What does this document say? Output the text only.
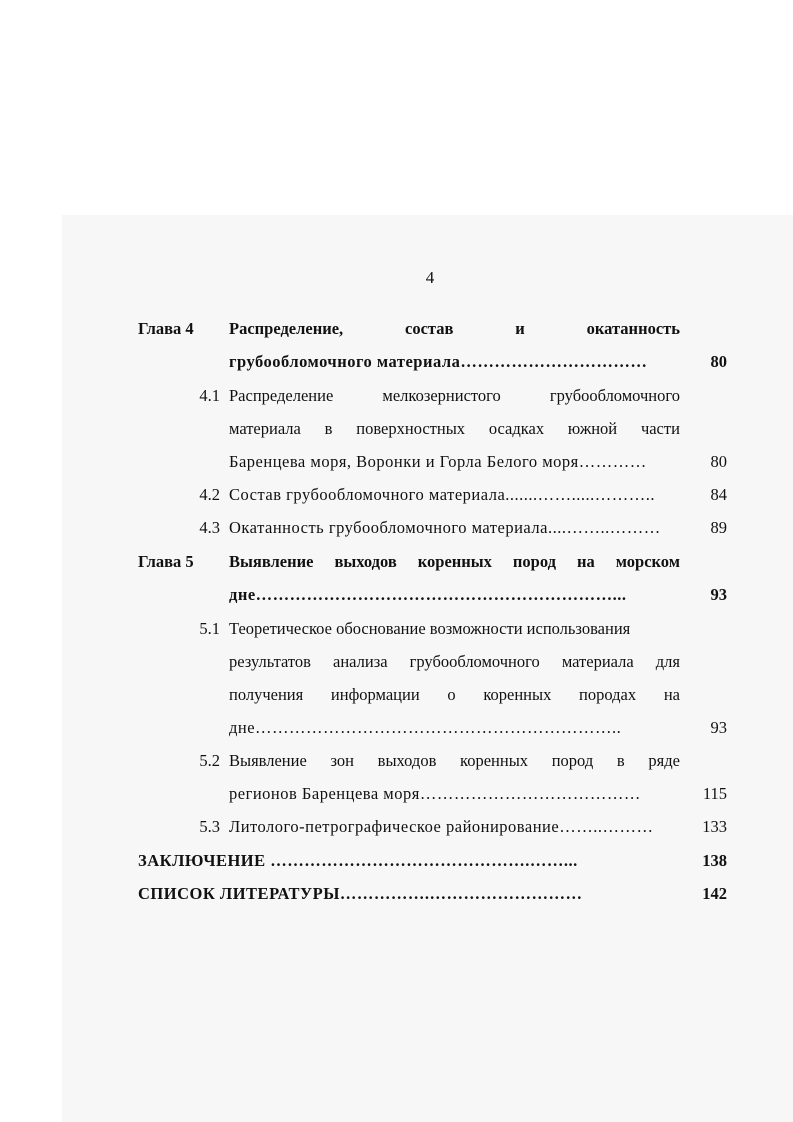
4
Глава 4 Распределение,	состав	и	окатанность
грубообломочного материала……………………………	80
4.1 Распределение	мелкозернистого	грубообломочного
материала в поверхностных осадках южной части
Баренцева моря, Воронки и Горла Белого моря…………	80
4.2 Состав грубообломочного материала.......…….....………..	84
4.3 Окатанность грубообломочного материала....……..………	89
Глава 5 Выявление выходов коренных пород на морском
дне………………………………………………………...	93
5.1 Теоретическое обоснование возможности использования
результатов анализа грубообломочного материала для
получения информации о коренных породах на
дне………………………………………………………..	93
5.2 Выявление зон выходов коренных пород в ряде
регионов Баренцева моря…………………………………	115
5.3 Литолого-петрографическое районирование……..………	133
ЗАКЛЮЧЕНИЕ ……………………………………….……...	138
СПИСОК ЛИТЕРАТУРЫ…………….………………………	142
